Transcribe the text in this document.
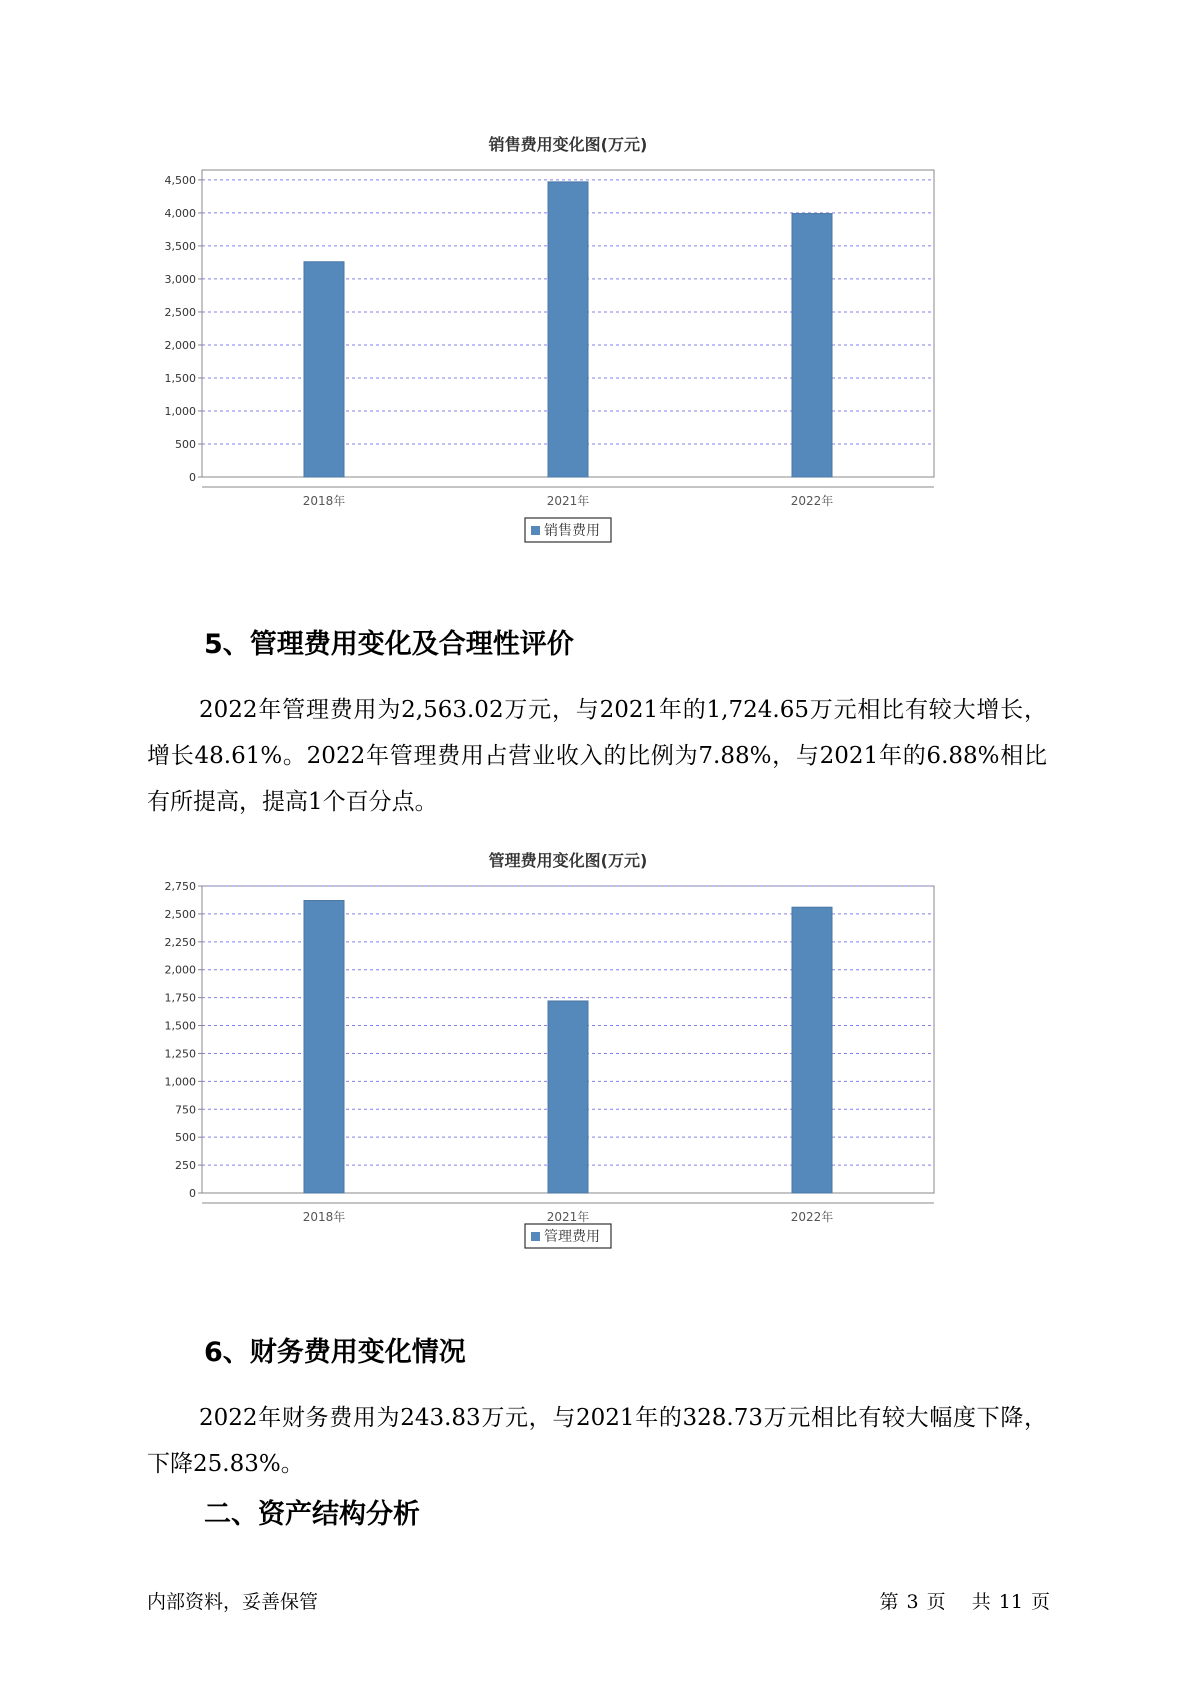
销售费用变化图(万元)
0
500
1,000
1,500
2,000
2,500
3,000
3,500
4,000
4,500
2018年	2021年	2022年
销售费用
5、管理费用变化及合理性评价

2022年管理费用为2,563.02万元，与2021年的1,724.65万元相比有较大增长，增长48.61%。2022年管理费用占营业收入的比例为7.88%，与2021年的6.88%相比有所提高，提高1个百分点。

管理费用变化图(万元)
0
250
500
750
1,000
1,250
1,500
1,750
2,000
2,250
2,500
2,750
2018年	2021年	2022年
管理费用
6、财务费用变化情况

2022年财务费用为243.83万元，与2021年的328.73万元相比有较大幅度下降，下降25.83%。

二、资产结构分析
内部资料，妥善保管	第 3 页 共 11 页
